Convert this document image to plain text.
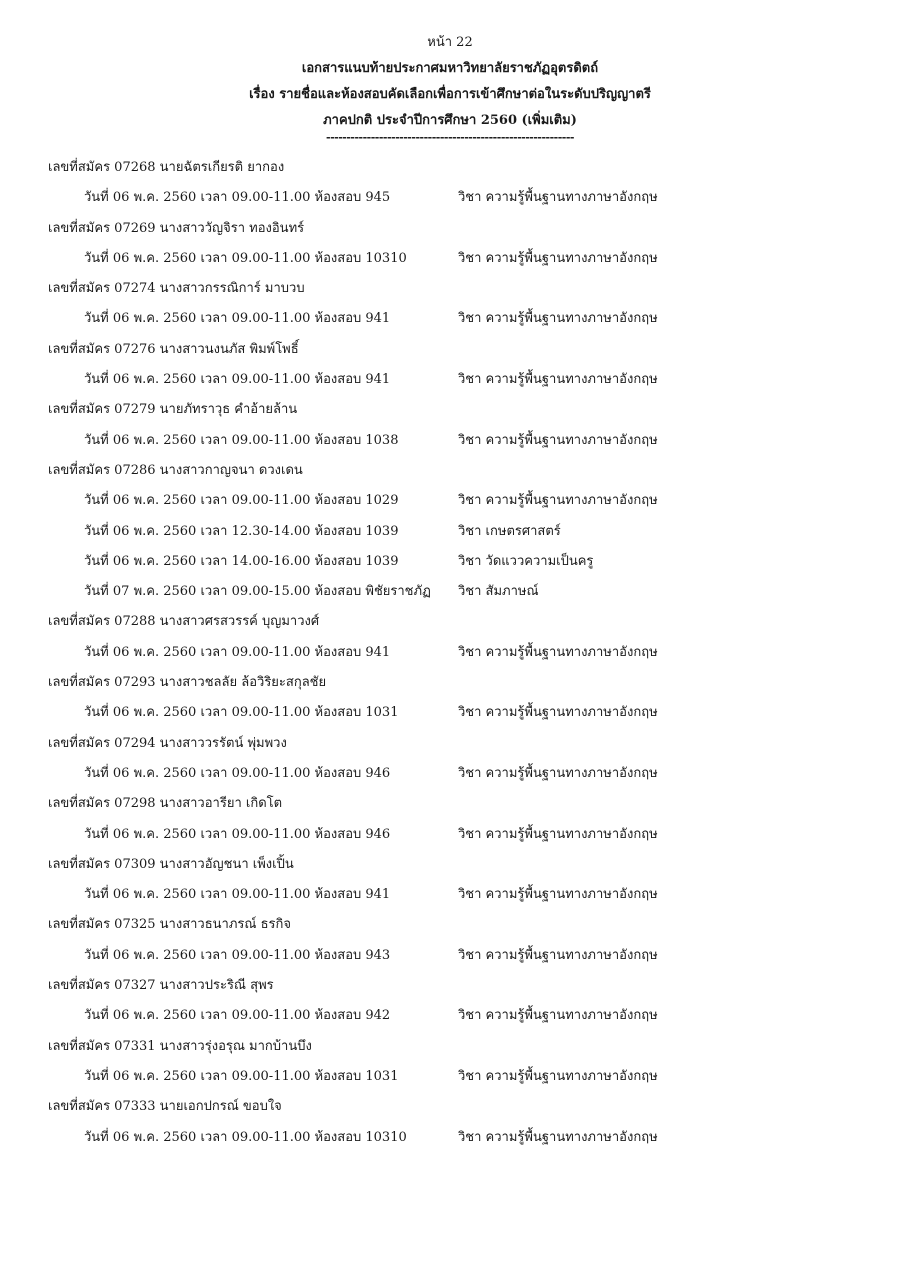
หน้า 22
เอกสารแนบท้ายประกาศมหาวิทยาลัยราชภัฏอุตรดิตถ์
เรื่อง รายชื่อและห้องสอบคัดเลือกเพื่อการเข้าศึกษาต่อในระดับปริญญาตรี
ภาคปกติ ประจำปีการศึกษา 2560 (เพิ่มเติม)
-------------------------------------------------------------
เลขที่สมัคร 07268 นายฉัตรเกียรติ ยากอง
วันที่ 06 พ.ค. 2560 เวลา 09.00-11.00 ห้องสอบ 945	วิชา ความรู้พื้นฐานทางภาษาอังกฤษ
เลขที่สมัคร 07269 นางสาววัญจิรา ทองอินทร์
วันที่ 06 พ.ค. 2560 เวลา 09.00-11.00 ห้องสอบ 10310	วิชา ความรู้พื้นฐานทางภาษาอังกฤษ
เลขที่สมัคร 07274 นางสาวกรรณิการ์ มาบวบ
วันที่ 06 พ.ค. 2560 เวลา 09.00-11.00 ห้องสอบ 941	วิชา ความรู้พื้นฐานทางภาษาอังกฤษ
เลขที่สมัคร 07276 นางสาวนงนภัส พิมพ์โพธิ์
วันที่ 06 พ.ค. 2560 เวลา 09.00-11.00 ห้องสอบ 941	วิชา ความรู้พื้นฐานทางภาษาอังกฤษ
เลขที่สมัคร 07279 นายภัทราวุธ คำอ้ายล้าน
วันที่ 06 พ.ค. 2560 เวลา 09.00-11.00 ห้องสอบ 1038	วิชา ความรู้พื้นฐานทางภาษาอังกฤษ
เลขที่สมัคร 07286 นางสาวกาญจนา ดวงเดน
วันที่ 06 พ.ค. 2560 เวลา 09.00-11.00 ห้องสอบ 1029	วิชา ความรู้พื้นฐานทางภาษาอังกฤษ
วันที่ 06 พ.ค. 2560 เวลา 12.30-14.00 ห้องสอบ 1039	วิชา เกษตรศาสตร์
วันที่ 06 พ.ค. 2560 เวลา 14.00-16.00 ห้องสอบ 1039	วิชา วัดแววความเป็นครู
วันที่ 07 พ.ค. 2560 เวลา 09.00-15.00 ห้องสอบ พิชัยราชภัฏ วิชา สัมภาษณ์
เลขที่สมัคร 07288 นางสาวศรสวรรค์ บุญมาวงศ์
วันที่ 06 พ.ค. 2560 เวลา 09.00-11.00 ห้องสอบ 941	วิชา ความรู้พื้นฐานทางภาษาอังกฤษ
เลขที่สมัคร 07293 นางสาวชลลัย ล้อวิริยะสกุลชัย
วันที่ 06 พ.ค. 2560 เวลา 09.00-11.00 ห้องสอบ 1031	วิชา ความรู้พื้นฐานทางภาษาอังกฤษ
เลขที่สมัคร 07294 นางสาววรรัตน์ พุ่มพวง
วันที่ 06 พ.ค. 2560 เวลา 09.00-11.00 ห้องสอบ 946	วิชา ความรู้พื้นฐานทางภาษาอังกฤษ
เลขที่สมัคร 07298 นางสาวอารียา เกิดโต
วันที่ 06 พ.ค. 2560 เวลา 09.00-11.00 ห้องสอบ 946	วิชา ความรู้พื้นฐานทางภาษาอังกฤษ
เลขที่สมัคร 07309 นางสาวอัญชนา เพ็งเปิ้น
วันที่ 06 พ.ค. 2560 เวลา 09.00-11.00 ห้องสอบ 941	วิชา ความรู้พื้นฐานทางภาษาอังกฤษ
เลขที่สมัคร 07325 นางสาวธนาภรณ์ ธรกิจ
วันที่ 06 พ.ค. 2560 เวลา 09.00-11.00 ห้องสอบ 943	วิชา ความรู้พื้นฐานทางภาษาอังกฤษ
เลขที่สมัคร 07327 นางสาวประริณี สุพร
วันที่ 06 พ.ค. 2560 เวลา 09.00-11.00 ห้องสอบ 942	วิชา ความรู้พื้นฐานทางภาษาอังกฤษ
เลขที่สมัคร 07331 นางสาวรุ่งอรุณ มากบ้านบึง
วันที่ 06 พ.ค. 2560 เวลา 09.00-11.00 ห้องสอบ 1031	วิชา ความรู้พื้นฐานทางภาษาอังกฤษ
เลขที่สมัคร 07333 นายเอกปกรณ์ ขอบใจ
วันที่ 06 พ.ค. 2560 เวลา 09.00-11.00 ห้องสอบ 10310	วิชา ความรู้พื้นฐานทางภาษาอังกฤษ
